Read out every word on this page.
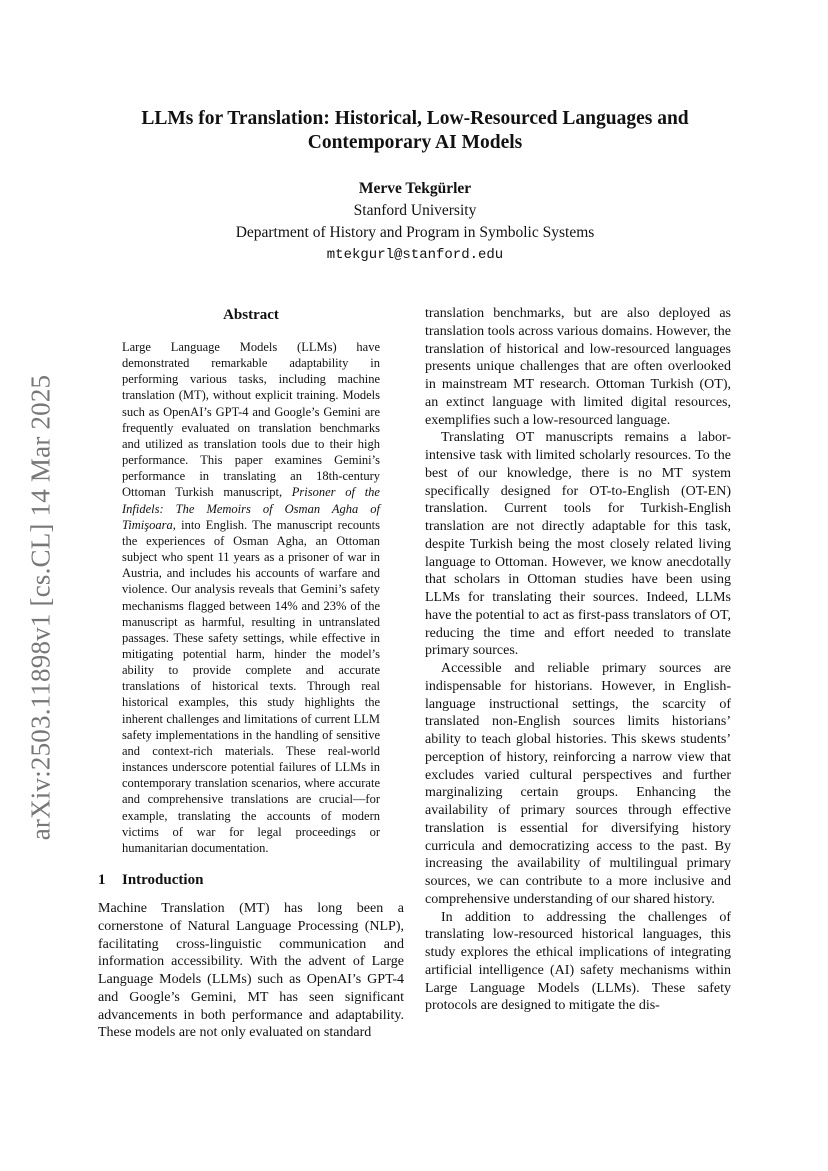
arXiv:2503.11898v1 [cs.CL] 14 Mar 2025
LLMs for Translation: Historical, Low-Resourced Languages and
Contemporary AI Models
Merve Tekgürler
Stanford University
Department of History and Program in Symbolic Systems
mtekgurl@stanford.edu
Abstract

Large Language Models (LLMs) have demonstrated remarkable adaptability in performing various tasks, including machine translation (MT), without explicit training. Models such as OpenAI’s GPT-4 and Google’s Gemini are frequently evaluated on translation benchmarks and utilized as translation tools due to their high performance. This paper examines Gemini’s performance in translating an 18th-century Ottoman Turkish manuscript, Prisoner of the Infidels: The Memoirs of Osman Agha of Timişoara, into English. The manuscript recounts the experiences of Osman Agha, an Ottoman subject who spent 11 years as a prisoner of war in Austria, and includes his accounts of warfare and violence. Our analysis reveals that Gemini’s safety mechanisms flagged between 14% and 23% of the manuscript as harmful, resulting in untranslated passages. These safety settings, while effective in mitigating potential harm, hinder the model’s ability to provide complete and accurate translations of historical texts. Through real historical examples, this study highlights the inherent challenges and limitations of current LLM safety implementations in the handling of sensitive and context-rich materials. These real-world instances underscore potential failures of LLMs in contemporary translation scenarios, where accurate and comprehensive translations are crucial—for example, translating the accounts of modern victims of war for legal proceedings or humanitarian documentation.

1 Introduction

Machine Translation (MT) has long been a cornerstone of Natural Language Processing (NLP), facilitating cross-linguistic communication and information accessibility. With the advent of Large Language Models (LLMs) such as OpenAI’s GPT-4 and Google’s Gemini, MT has seen significant advancements in both performance and adaptability. These models are not only evaluated on standard

translation benchmarks, but are also deployed as translation tools across various domains. However, the translation of historical and low-resourced languages presents unique challenges that are often overlooked in mainstream MT research. Ottoman Turkish (OT), an extinct language with limited digital resources, exemplifies such a low-resourced language.

Translating OT manuscripts remains a labor-intensive task with limited scholarly resources. To the best of our knowledge, there is no MT system specifically designed for OT-to-English (OT-EN) translation. Current tools for Turkish-English translation are not directly adaptable for this task, despite Turkish being the most closely related living language to Ottoman. However, we know anecdotally that scholars in Ottoman studies have been using LLMs for translating their sources. Indeed, LLMs have the potential to act as first-pass translators of OT, reducing the time and effort needed to translate primary sources.

Accessible and reliable primary sources are indispensable for historians. However, in English-language instructional settings, the scarcity of translated non-English sources limits historians’ ability to teach global histories. This skews students’ perception of history, reinforcing a narrow view that excludes varied cultural perspectives and further marginalizing certain groups. Enhancing the availability of primary sources through effective translation is essential for diversifying history curricula and democratizing access to the past. By increasing the availability of multilingual primary sources, we can contribute to a more inclusive and comprehensive understanding of our shared history.

In addition to addressing the challenges of translating low-resourced historical languages, this study explores the ethical implications of integrating artificial intelligence (AI) safety mechanisms within Large Language Models (LLMs). These safety protocols are designed to mitigate the dis-
